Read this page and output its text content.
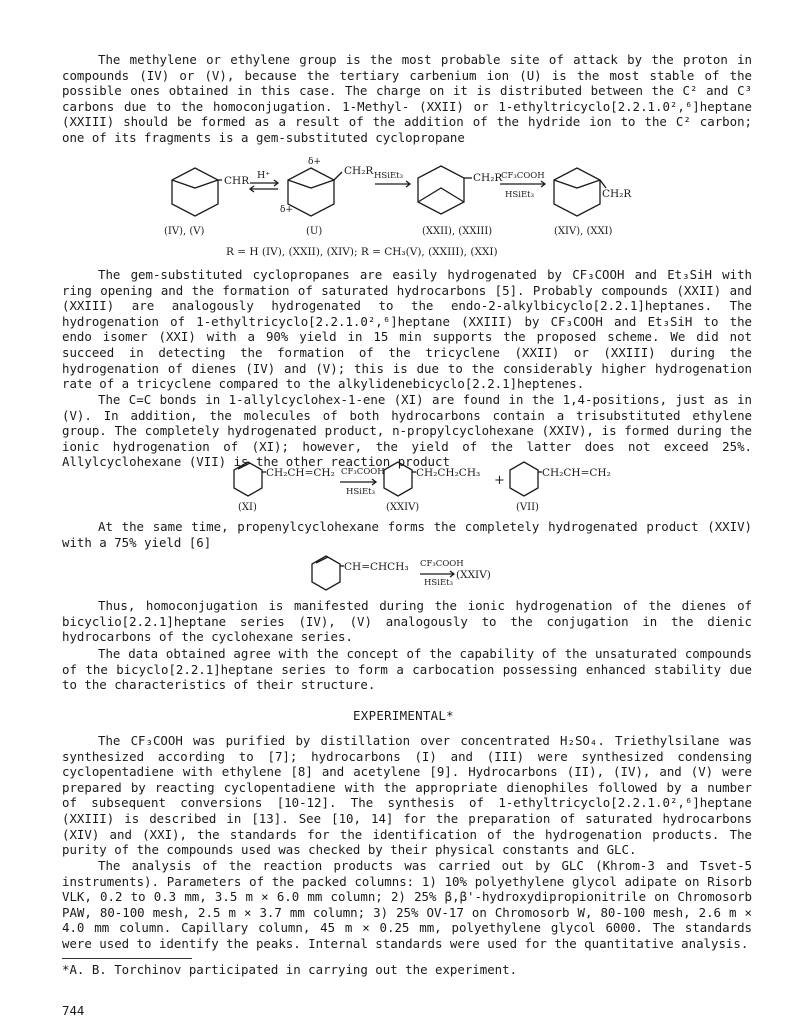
The methylene or ethylene group is the most probable site of attack by the proton in compounds (IV) or (V), because the tertiary carbenium ion (U) is the most stable of the possible ones obtained in this case. The charge on it is distributed between the C² and C³ carbons due to the homoconjugation. 1-Methyl- (XXII) or 1-ethyltricyclo[2.2.1.0²,⁶]heptane (XXIII) should be formed as a result of the addition of the hydride ion to the C² carbon; one of its fragments is a gem-substituted cyclopropane

CHR H⁺
δ+
δ+
CH₂R HSiEt₃	CH₂R
CF₃COOH
HSiEt₃	CH₂R
(IV), (V)	(U)	(XXII), (XXIII)	(XIV), (XXI)
R = H (IV), (XXII), (XIV); R = CH₃(V), (XXIII), (XXI)

The gem-substituted cyclopropanes are easily hydrogenated by CF₃COOH and Et₃SiH with ring opening and the formation of saturated hydrocarbons [5]. Probably compounds (XXII) and (XXIII) are analogously hydrogenated to the endo-2-alkylbicyclo[2.2.1]heptanes. The hydrogenation of 1-ethyltricyclo[2.2.1.0²,⁶]heptane (XXIII) by CF₃COOH and Et₃SiH to the endo isomer (XXI) with a 90% yield in 15 min supports the proposed scheme. We did not succeed in detecting the formation of the tricyclene (XXII) or (XXIII) during the hydrogenation of dienes (IV) and (V); this is due to the considerably higher hydrogenation rate of a tricyclene compared to the alkylidenebicyclo[2.2.1]heptenes.

The C=C bonds in 1-allylcyclohex-1-ene (XI) are found in the 1,4-positions, just as in (V). In addition, the molecules of both hydrocarbons contain a trisubstituted ethylene group. The completely hydrogenated product, n-propylcyclohexane (XXIV), is formed during the ionic hydrogenation of (XI); however, the yield of the latter does not exceed 25%. Allylcyclohexane (VII) is the other reaction product

CH₂CH=CH₂ CF₃COOH
HSiEt₃
CH₂CH₂CH₃ +	CH₂CH=CH₂
(XI)	(XXIV)	(VII)

At the same time, propenylcyclohexane forms the completely hydrogenated product (XXIV) with a 75% yield [6]

CH=CHCH₃ CF₃COOH
HSiEt₃
(XXIV)

Thus, homoconjugation is manifested during the ionic hydrogenation of the dienes of bicyclio[2.2.1]heptane series (IV), (V) analogously to the conjugation in the dienic hydrocarbons of the cyclohexane series.

The data obtained agree with the concept of the capability of the unsaturated compounds of the bicyclo[2.2.1]heptane series to form a carbocation possessing enhanced stability due to the characteristics of their structure.

EXPERIMENTAL*

The CF₃COOH was purified by distillation over concentrated H₂SO₄. Triethylsilane was synthesized according to [7]; hydrocarbons (I) and (III) were synthesized condensing cyclopentadiene with ethylene [8] and acetylene [9]. Hydrocarbons (II), (IV), and (V) were prepared by reacting cyclopentadiene with the appropriate dienophiles followed by a number of subsequent conversions [10-12]. The synthesis of 1-ethyltricyclo[2.2.1.0²,⁶]heptane (XXIII) is described in [13]. See [10, 14] for the preparation of saturated hydrocarbons (XIV) and (XXI), the standards for the identification of the hydrogenation products. The purity of the compounds used was checked by their physical constants and GLC.

The analysis of the reaction products was carried out by GLC (Khrom-3 and Tsvet-5 instruments). Parameters of the packed columns: 1) 10% polyethylene glycol adipate on Risorb VLK, 0.2 to 0.3 mm, 3.5 m × 6.0 mm column; 2) 25% β,β'-hydroxydipropionitrile on Chromosorb PAW, 80-100 mesh, 2.5 m × 3.7 mm column; 3) 25% OV-17 on Chromosorb W, 80-100 mesh, 2.6 m × 4.0 mm column. Capillary column, 45 m × 0.25 mm, polyethylene glycol 6000. The standards were used to identify the peaks. Internal standards were used for the quantitative analysis.

*A. B. Torchinov participated in carrying out the experiment.
744
